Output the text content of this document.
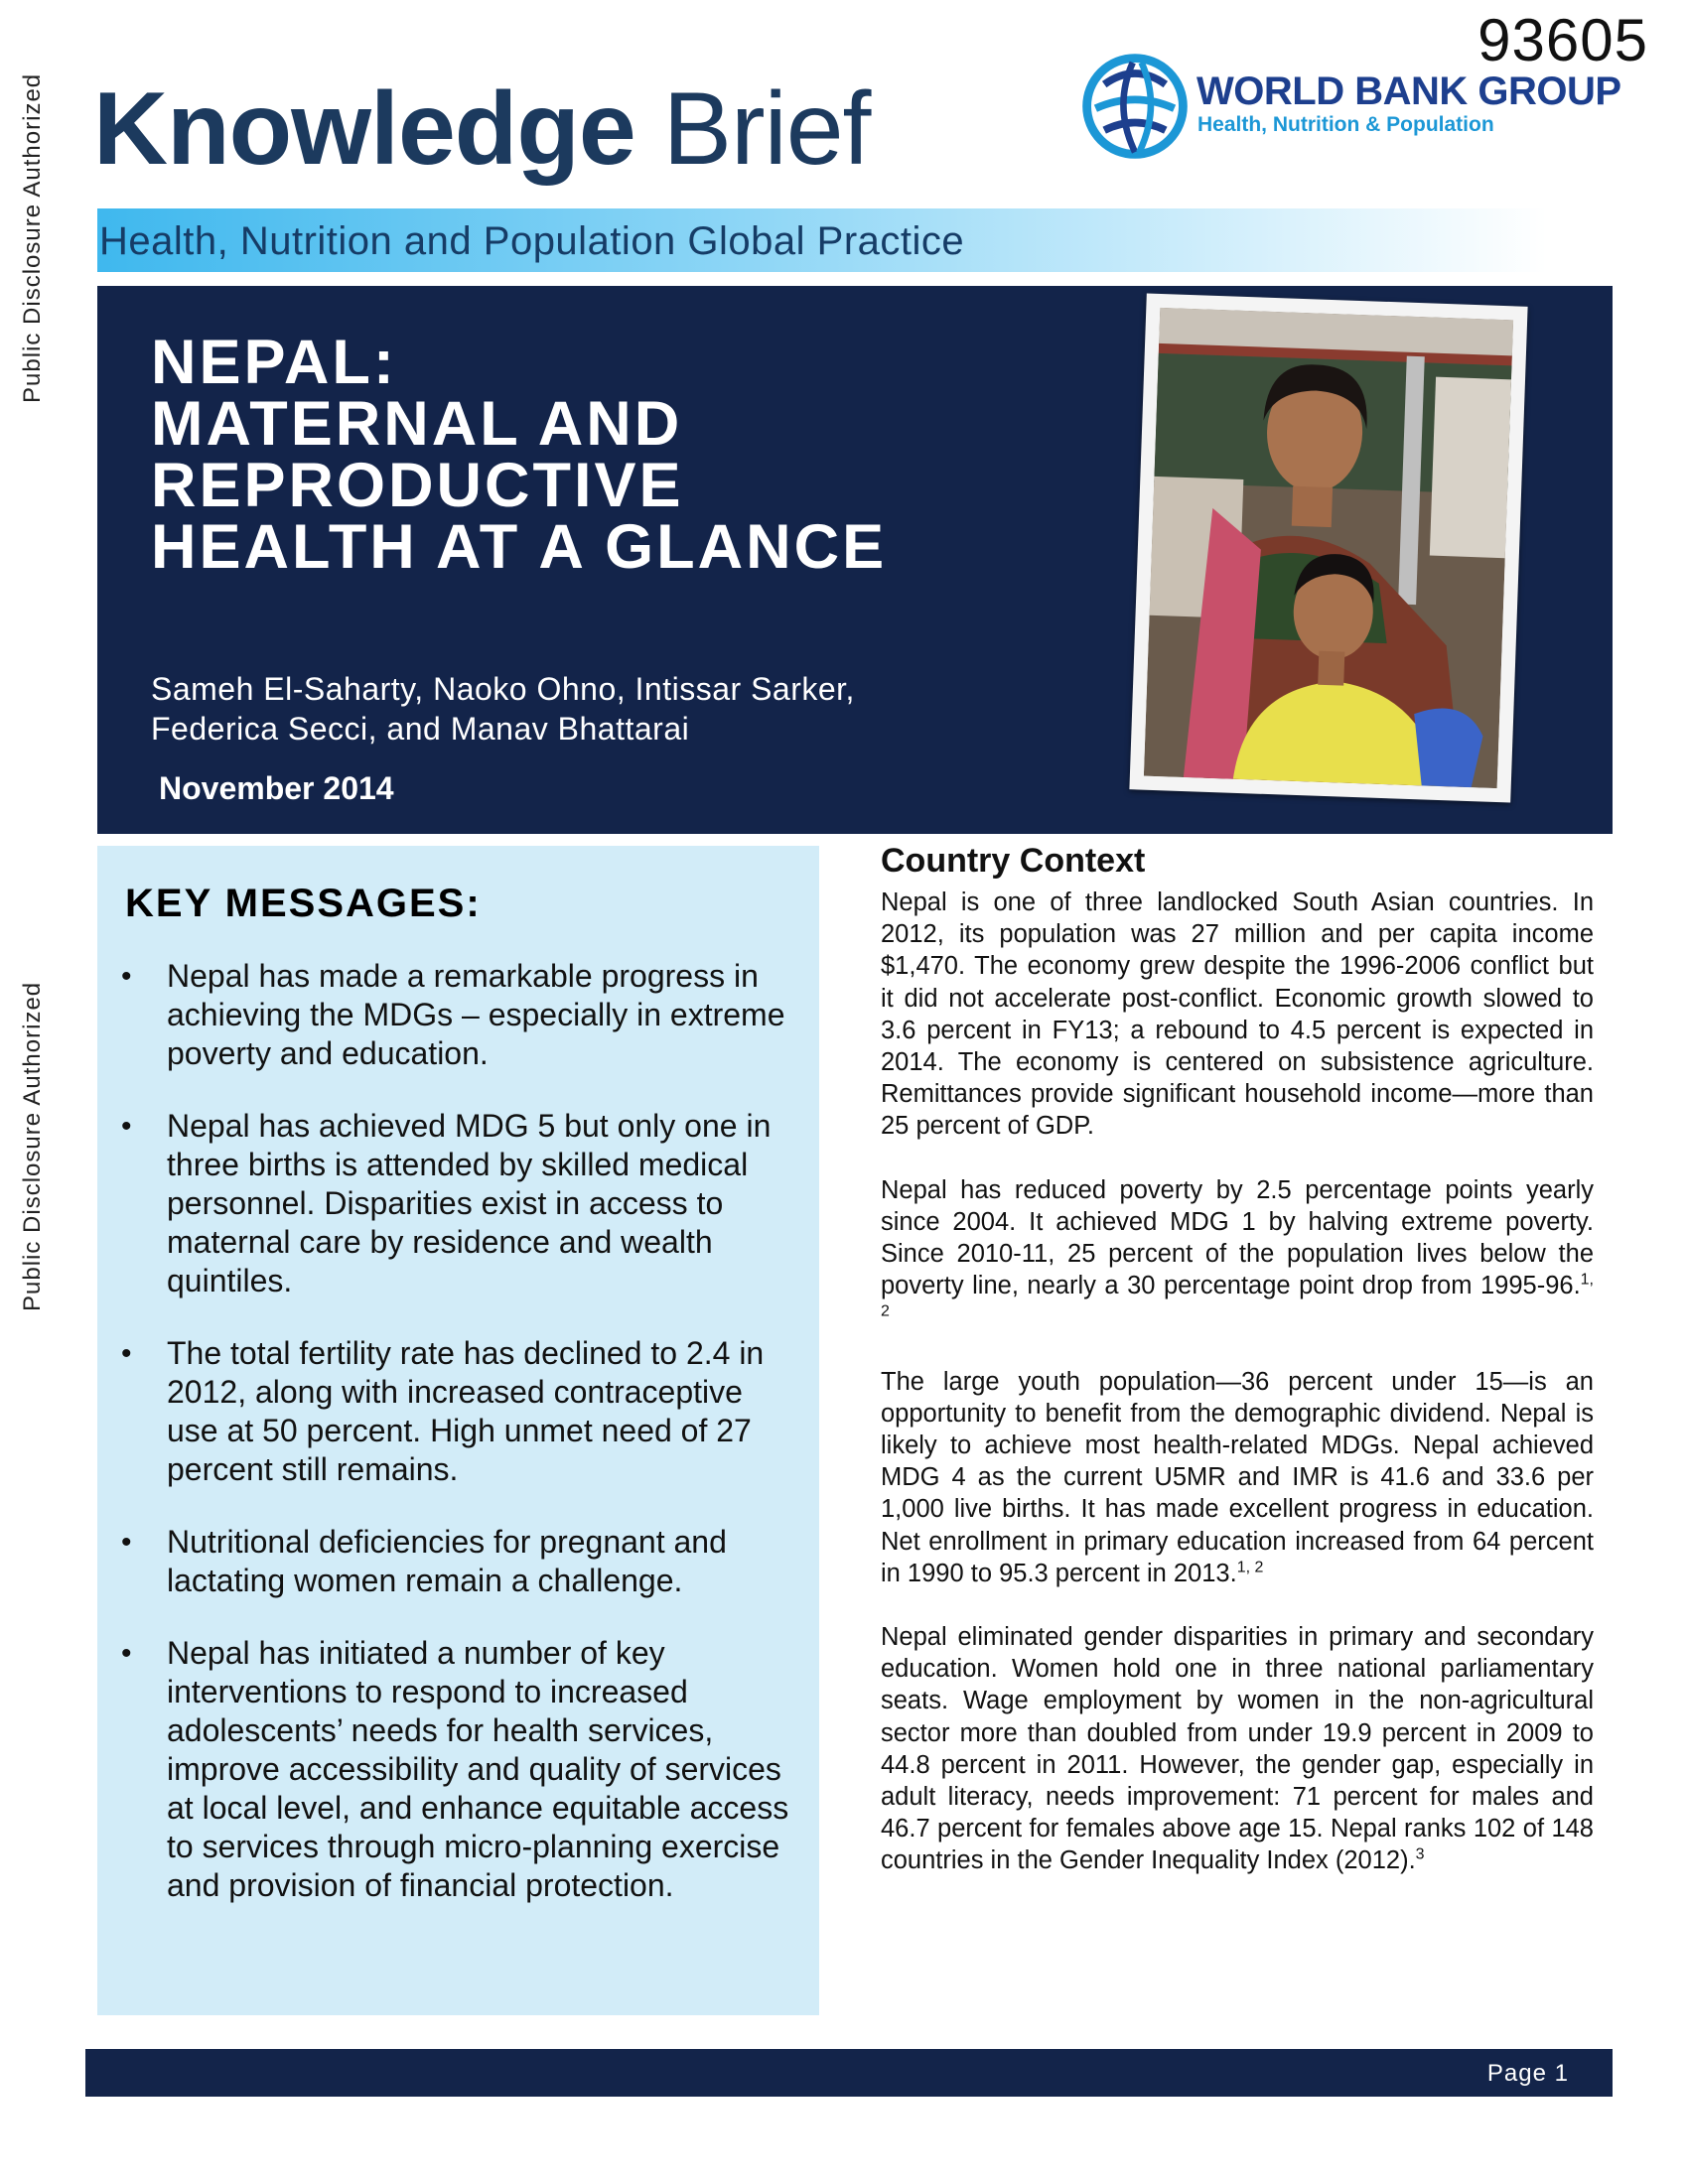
93605
Public Disclosure Authorized
Public Disclosure Authorized
Knowledge Brief	WORLD BANK GROUP
Health, Nutrition & Population
Health, Nutrition and Population Global Practice
NEPAL:
MATERNAL AND
REPRODUCTIVE
HEALTH AT A GLANCE
Sameh El-Saharty, Naoko Ohno, Intissar Sarker,
Federica Secci, and Manav Bhattarai
November 2014
KEY MESSAGES:
• Nepal has made a remarkable progress in achieving the MDGs – especially in extreme poverty and education.
• Nepal has achieved MDG 5 but only one in three births is attended by skilled medical personnel. Disparities exist in access to maternal care by residence and wealth quintiles.
• The total fertility rate has declined to 2.4 in 2012, along with increased contraceptive use at 50 percent. High unmet need of 27 percent still remains.
• Nutritional deficiencies for pregnant and lactating women remain a challenge.
• Nepal has initiated a number of key interventions to respond to increased adolescents’ needs for health services, improve accessibility and quality of services at local level, and enhance equitable access to services through micro-planning exercise and provision of financial protection.
Country Context

Nepal is one of three landlocked South Asian countries. In 2012, its population was 27 million and per capita income $1,470. The economy grew despite the 1996-2006 conflict but it did not accelerate post-conflict. Economic growth slowed to 3.6 percent in FY13; a rebound to 4.5 percent is expected in 2014. The economy is centered on subsistence agriculture. Remittances provide significant household income—more than 25 percent of GDP.

Nepal has reduced poverty by 2.5 percentage points yearly since 2004. It achieved MDG 1 by halving extreme poverty. Since 2010-11, 25 percent of the population lives below the poverty line, nearly a 30 percentage point drop from 1995-96.$^{1, 2}$

The large youth population—36 percent under 15—is an opportunity to benefit from the demographic dividend. Nepal is likely to achieve most health-related MDGs. Nepal achieved MDG 4 as the current U5MR and IMR is 41.6 and 33.6 per 1,000 live births. It has made excellent progress in education. Net enrollment in primary education increased from 64 percent in 1990 to 95.3 percent in 2013.$^{1, 2}$

Nepal eliminated gender disparities in primary and secondary education. Women hold one in three national parliamentary seats. Wage employment by women in the non-agricultural sector more than doubled from under 19.9 percent in 2009 to 44.8 percent in 2011. However, the gender gap, especially in adult literacy, needs improvement: 71 percent for males and 46.7 percent for females above age 15. Nepal ranks 102 of 148 countries in the Gender Inequality Index (2012).$^3$

Page 1
